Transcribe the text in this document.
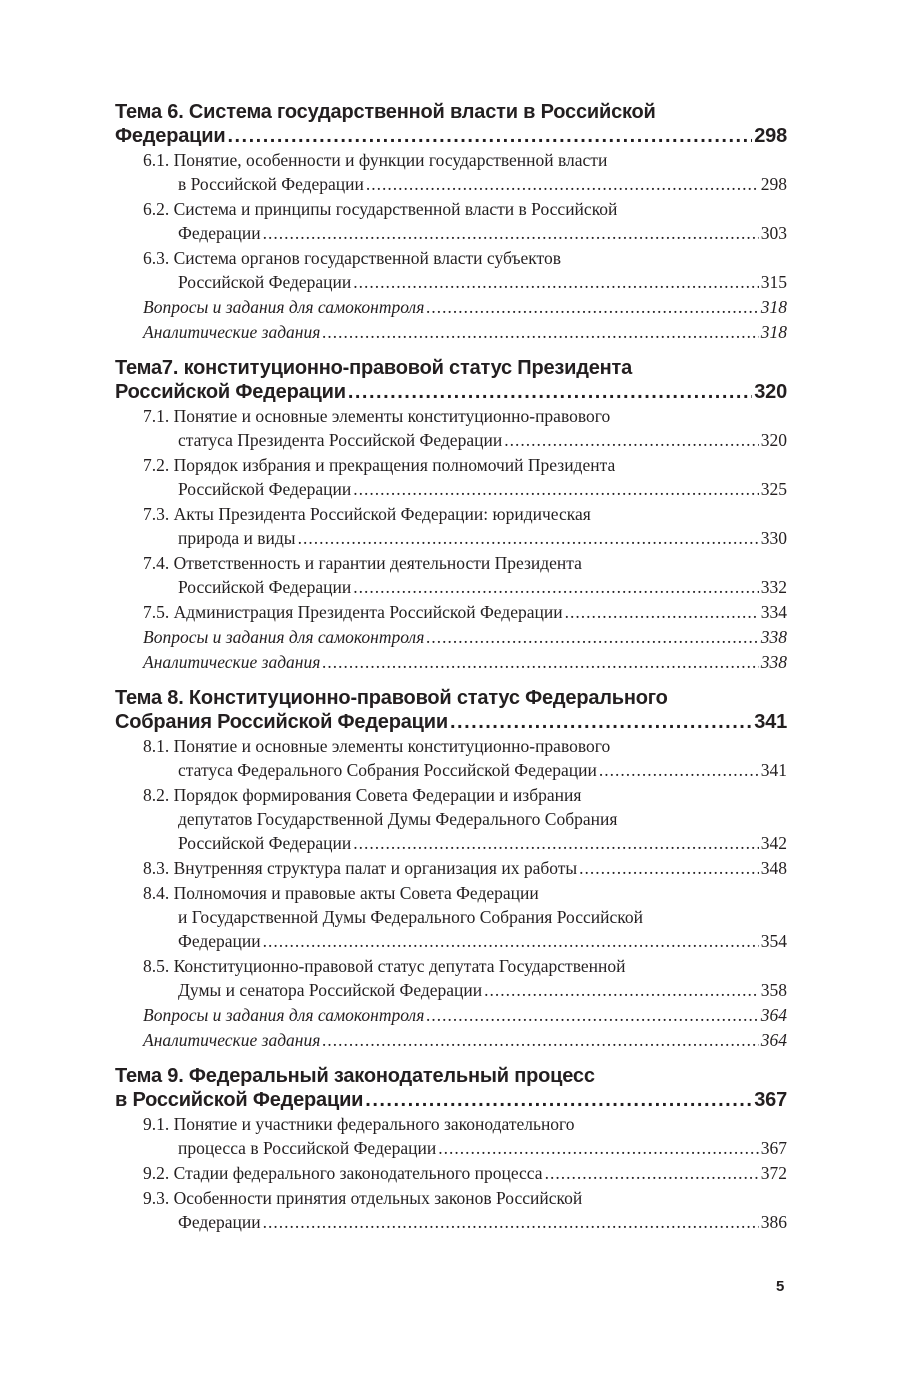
Тема 6. Система государственной власти в Российской
Федерации .....	298
6.1. Понятие, особенности и функции государственной власти
в Российской Федерации .....	298
6.2. Система и принципы государственной власти в Российской
Федерации .....	303
6.3. Система органов государственной власти субъектов
Российской Федерации .....	315
Вопросы и задания для самоконтроля .....	318
Аналитические задания .....	318
Тема7. конституционно-правовой статус Президента
Российской Федерации .....	320
7.1. Понятие и основные элементы конституционно-правового
статуса Президента Российской Федерации .....	320
7.2. Порядок избрания и прекращения полномочий Президента
Российской Федерации .....	325
7.3. Акты Президента Российской Федерации: юридическая
природа и виды .....	330
7.4. Ответственность и гарантии деятельности Президента
Российской Федерации .....	332
7.5. Администрация Президента Российской Федерации .....	334
Вопросы и задания для самоконтроля .....	338
Аналитические задания .....	338
Тема 8. Конституционно-правовой статус Федерального
Собрания Российской Федерации .....	341
8.1. Понятие и основные элементы конституционно-правового
статуса Федерального Собрания Российской Федерации .....	341
8.2. Порядок формирования Совета Федерации и избрания
депутатов Государственной Думы Федерального Собрания
Российской Федерации .....	342
8.3. Внутренняя структура палат и организация их работы .....	348
8.4. Полномочия и правовые акты Совета Федерации
и Государственной Думы Федерального Собрания Российской
Федерации .....	354
8.5. Конституционно-правовой статус депутата Государственной
Думы и сенатора Российской Федерации .....	358
Вопросы и задания для самоконтроля .....	364
Аналитические задания .....	364
Тема 9. Федеральный законодательный процесс
в Российской Федерации .....	367
9.1. Понятие и участники федерального законодательного
процесса в Российской Федерации .....	367
9.2. Стадии федерального законодательного процесса .....	372
9.3. Особенности принятия отдельных законов Российской
Федерации .....	386
5
